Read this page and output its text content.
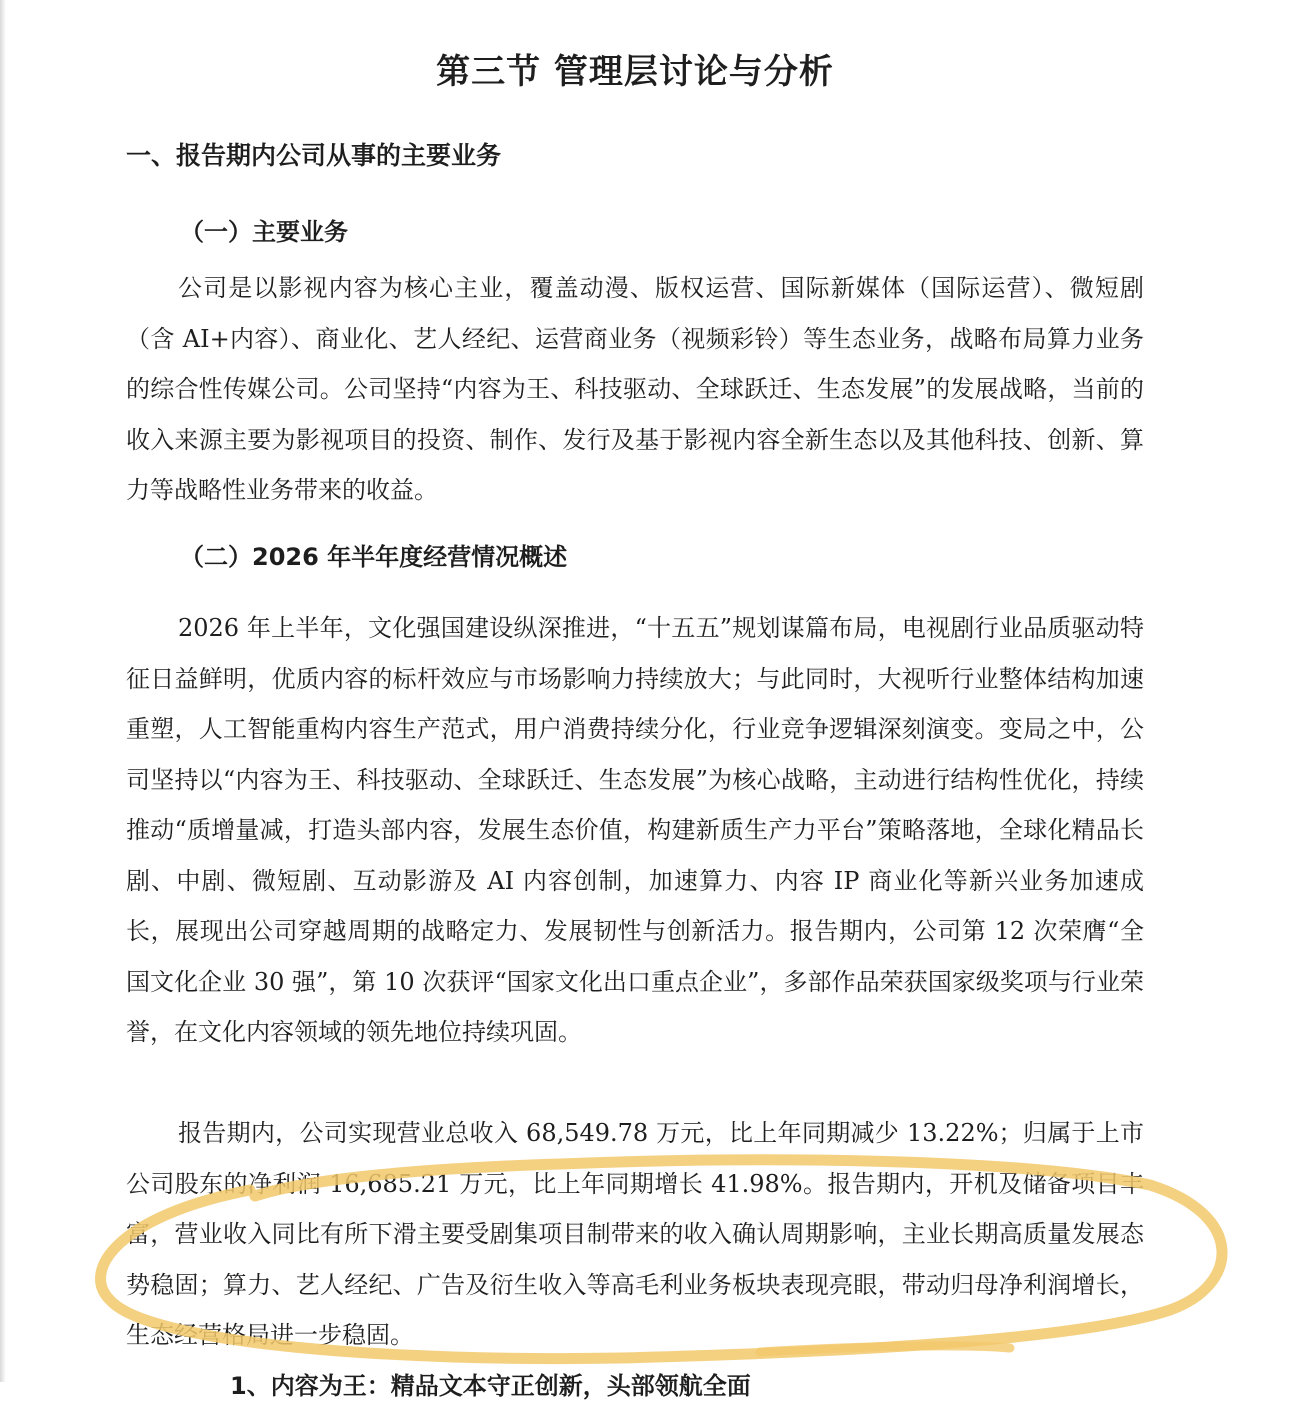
第三节 管理层讨论与分析
一、报告期内公司从事的主要业务
（一）主要业务

公司是以影视内容为核心主业，覆盖动漫、版权运营、国际新媒体（国际运营）、微短剧（含 AI+内容）、商业化、艺人经纪、运营商业务（视频彩铃）等生态业务，战略布局算力业务的综合性传媒公司。公司坚持“内容为王、科技驱动、全球跃迁、生态发展”的发展战略，当前的收入来源主要为影视项目的投资、制作、发行及基于影视内容全新生态以及其他科技、创新、算力等战略性业务带来的收益。

（二）2026 年半年度经营情况概述

2026 年上半年，文化强国建设纵深推进，“十五五”规划谋篇布局，电视剧行业品质驱动特征日益鲜明，优质内容的标杆效应与市场影响力持续放大；与此同时，大视听行业整体结构加速重塑，人工智能重构内容生产范式，用户消费持续分化，行业竞争逻辑深刻演变。变局之中，公司坚持以“内容为王、科技驱动、全球跃迁、生态发展”为核心战略，主动进行结构性优化，持续推动“质增量减，打造头部内容，发展生态价值，构建新质生产力平台”策略落地，全球化精品长剧、中剧、微短剧、互动影游及 AI 内容创制，加速算力、内容 IP 商业化等新兴业务加速成长，展现出公司穿越周期的战略定力、发展韧性与创新活力。报告期内，公司第 12 次荣膺“全国文化企业 30 强”，第 10 次获评“国家文化出口重点企业”，多部作品荣获国家级奖项与行业荣誉，在文化内容领域的领先地位持续巩固。

报告期内，公司实现营业总收入 68,549.78 万元，比上年同期减少 13.22%；归属于上市公司股东的净利润 16,685.21 万元，比上年同期增长 41.98%。报告期内，开机及储备项目丰富，营业收入同比有所下滑主要受剧集项目制带来的收入确认周期影响，主业长期高质量发展态势稳固；算力、艺人经纪、广告及衍生收入等高毛利业务板块表现亮眼，带动归母净利润增长，生态经营格局进一步稳固。

1、内容为王：精品文本守正创新，头部领航全面
